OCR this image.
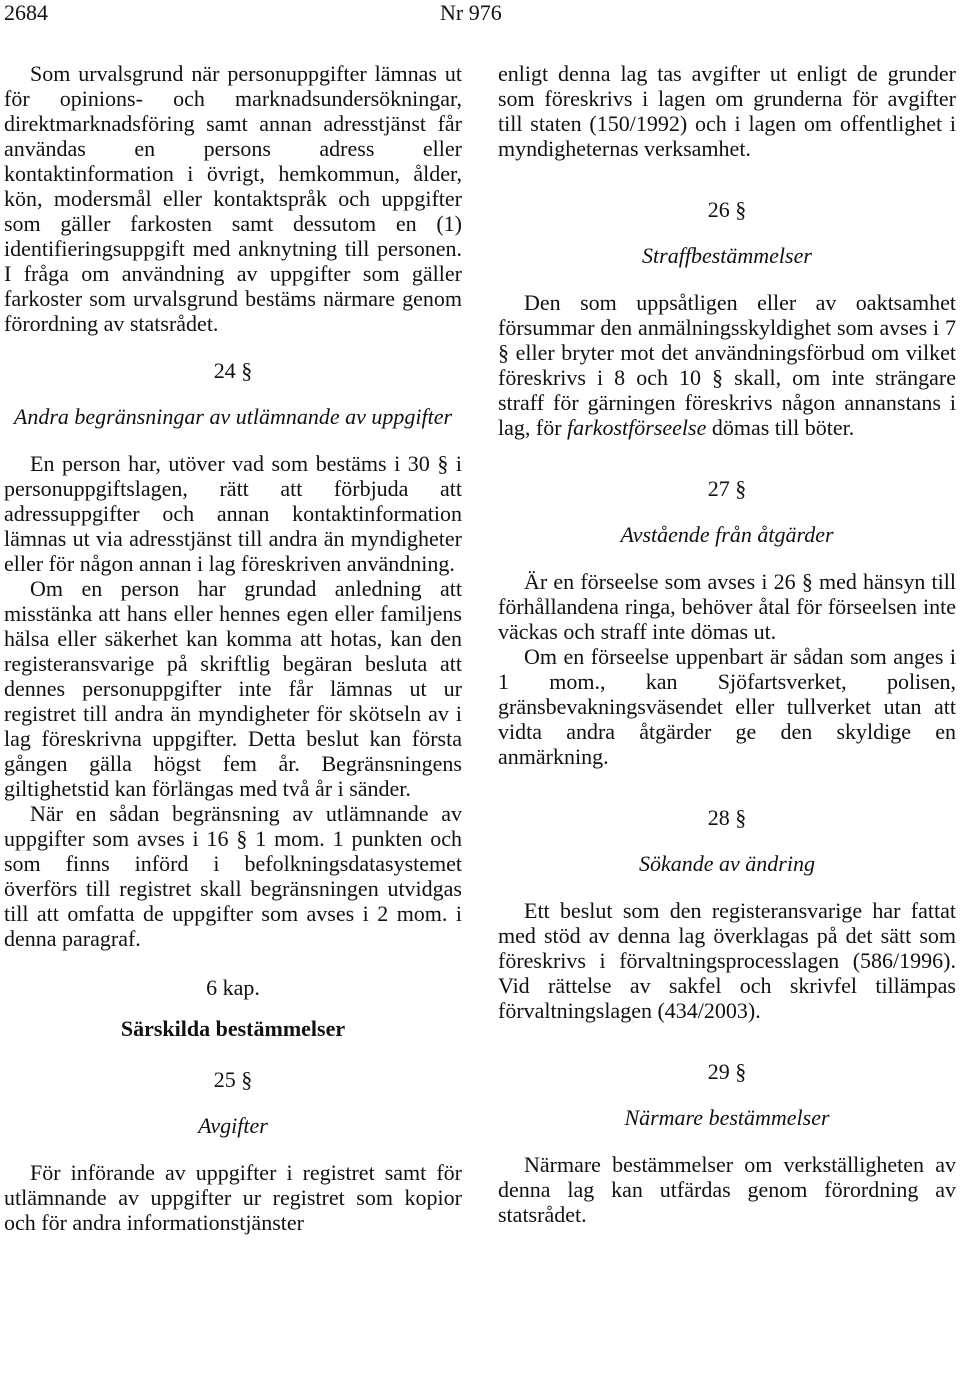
2684	Nr 976

Som urvalsgrund när personuppgifter lämnas ut för opinions- och marknadsundersökningar, direktmarknadsföring samt annan adresstjänst får användas en persons adress eller kontaktinformation i övrigt, hemkommun, ålder, kön, modersmål eller kontaktspråk och uppgifter som gäller farkosten samt dessutom en (1) identifieringsuppgift med anknytning till personen. I fråga om användning av uppgifter som gäller farkoster som urvalsgrund bestäms närmare genom förordning av statsrådet.

24 §
Andra begränsningar av utlämnande av uppgifter

En person har, utöver vad som bestäms i 30 § i personuppgiftslagen, rätt att förbjuda att adressuppgifter och annan kontaktinformation lämnas ut via adresstjänst till andra än myndigheter eller för någon annan i lag föreskriven användning.

Om en person har grundad anledning att misstänka att hans eller hennes egen eller familjens hälsa eller säkerhet kan komma att hotas, kan den registeransvarige på skriftlig begäran besluta att dennes personuppgifter inte får lämnas ut ur registret till andra än myndigheter för skötseln av i lag föreskrivna uppgifter. Detta beslut kan första gången gälla högst fem år. Begränsningens giltighetstid kan förlängas med två år i sänder.

När en sådan begränsning av utlämnande av uppgifter som avses i 16 § 1 mom. 1 punkten och som finns införd i befolkningsdatasystemet överförs till registret skall begränsningen utvidgas till att omfatta de uppgifter som avses i 2 mom. i denna paragraf.

6 kap.
Särskilda bestämmelser
25 §
Avgifter

För införande av uppgifter i registret samt för utlämnande av uppgifter ur registret som kopior och för andra informationstjänster

enligt denna lag tas avgifter ut enligt de grunder som föreskrivs i lagen om grunderna för avgifter till staten (150/1992) och i lagen om offentlighet i myndigheternas verksamhet.

26 §
Straffbestämmelser

Den som uppsåtligen eller av oaktsamhet försummar den anmälningsskyldighet som avses i 7 § eller bryter mot det användningsförbud om vilket föreskrivs i 8 och 10 § skall, om inte strängare straff för gärningen föreskrivs någon annanstans i lag, för farkostförseelse dömas till böter.

27 §
Avstående från åtgärder

Är en förseelse som avses i 26 § med hänsyn till förhållandena ringa, behöver åtal för förseelsen inte väckas och straff inte dömas ut.

Om en förseelse uppenbart är sådan som anges i 1 mom., kan Sjöfartsverket, polisen, gränsbevakningsväsendet eller tullverket utan att vidta andra åtgärder ge den skyldige en anmärkning.

28 §
Sökande av ändring

Ett beslut som den registeransvarige har fattat med stöd av denna lag överklagas på det sätt som föreskrivs i förvaltningsprocesslagen (586/1996). Vid rättelse av sakfel och skrivfel tillämpas förvaltningslagen (434/2003).

29 §
Närmare bestämmelser

Närmare bestämmelser om verkställigheten av denna lag kan utfärdas genom förordning av statsrådet.
